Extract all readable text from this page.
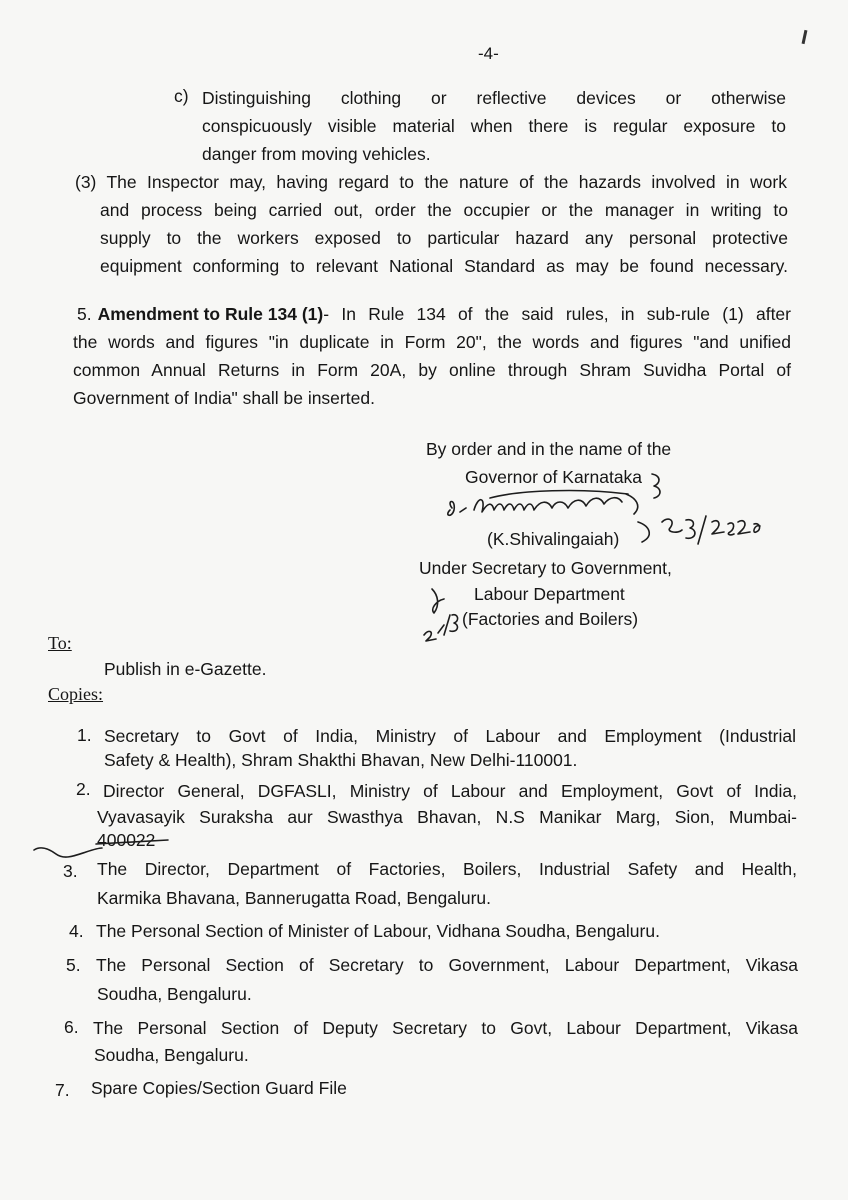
-4-
c) Distinguishing clothing or reflective devices or otherwise
conspicuously visible material when there is regular exposure to
danger from moving vehicles.
(3) The Inspector may, having regard to the nature of the hazards involved in work
and process being carried out, order the occupier or the manager in writing to
supply to the workers exposed to particular hazard any personal protective
equipment conforming to relevant National Standard as may be found necessary.
5. Amendment to Rule 134 (1) - In Rule 134 of the said rules, in sub-rule (1) after
the words and figures "in duplicate in Form 20", the words and figures "and unified
common Annual Returns in Form 20A, by online through Shram Suvidha Portal of
Government of India" shall be inserted.
By order and in the name of the
Governor of Karnataka
(K.Shivalingaiah)
Under Secretary to Government,
Labour Department
(Factories and Boilers)
To:
Publish in e-Gazette.
Copies:
1. Secretary to Govt of India, Ministry of Labour and Employment (Industrial
Safety & Health), Shram Shakthi Bhavan, New Delhi-110001.
2. Director General, DGFASLI, Ministry of Labour and Employment, Govt of India,
Vyavasayik Suraksha aur Swasthya Bhavan, N.S Manikar Marg, Sion, Mumbai-
400022
3. The Director, Department of Factories, Boilers, Industrial Safety and Health,
Karmika Bhavana, Bannerugatta Road, Bengaluru.
4. The Personal Section of Minister of Labour, Vidhana Soudha, Bengaluru.
5. The Personal Section of Secretary to Government, Labour Department, Vikasa
Soudha, Bengaluru.
6. The Personal Section of Deputy Secretary to Govt, Labour Department, Vikasa
Soudha, Bengaluru.
7. Spare Copies/Section Guard File
